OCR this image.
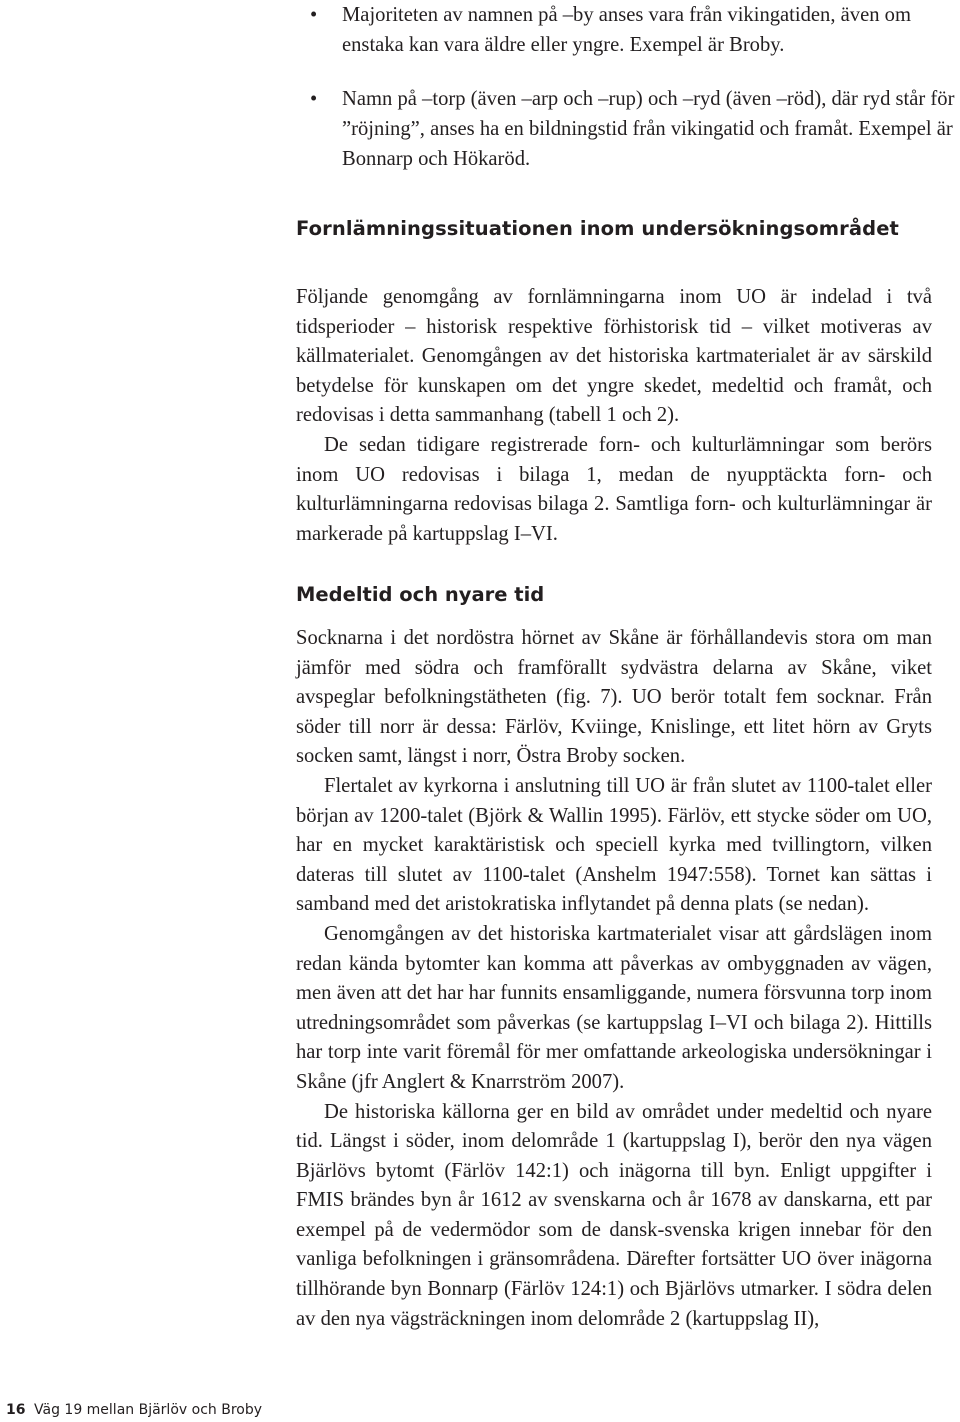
•	Majoriteten av namnen på –by anses vara från vikingatiden, även om enstaka kan vara äldre eller yngre. Exempel är Broby.
•	Namn på –torp (även –arp och –rup) och –ryd (även –röd), där ryd står för ”röjning”, anses ha en bildningstid från vikingatid och framåt. Exempel är Bonnarp och Hökaröd.
Fornlämningssituationen inom undersökningsområdet

Följande genomgång av fornlämningarna inom UO är indelad i två tidsperioder – historisk respektive förhistorisk tid – vilket motiveras av källmaterialet. Genomgången av det historiska kartmaterialet är av särskild betydelse för kunskapen om det yngre skedet, medeltid och framåt, och redovisas i detta sammanhang (tabell 1 och 2).

De sedan tidigare registrerade forn- och kulturlämningar som berörs inom UO redovisas i bilaga 1, medan de nyupptäckta forn- och kulturlämningarna redovisas bilaga 2. Samtliga forn- och kulturlämningar är markerade på kartuppslag I–VI.

Medeltid och nyare tid

Socknarna i det nordöstra hörnet av Skåne är förhållandevis stora om man jämför med södra och framförallt sydvästra delarna av Skåne, viket avspeglar befolkningstätheten (fig. 7). UO berör totalt fem socknar. Från söder till norr är dessa: Färlöv, Kviinge, Knislinge, ett litet hörn av Gryts socken samt, längst i norr, Östra Broby socken.

Flertalet av kyrkorna i anslutning till UO är från slutet av 1100-talet eller början av 1200-talet (Björk & Wallin 1995). Färlöv, ett stycke söder om UO, har en mycket karaktäristisk och speciell kyrka med tvillingtorn, vilken dateras till slutet av 1100-talet (Anshelm 1947:558). Tornet kan sättas i samband med det aristokratiska inflytandet på denna plats (se nedan).

Genomgången av det historiska kartmaterialet visar att gårdslägen inom redan kända bytomter kan komma att påverkas av ombyggnaden av vägen, men även att det har har funnits ensamliggande, numera försvunna torp inom utredningsområdet som påverkas (se kartuppslag I–VI och bilaga 2). Hittills har torp inte varit föremål för mer omfattande arkeologiska undersökningar i Skåne (jfr Anglert & Knarrström 2007).

De historiska källorna ger en bild av området under medeltid och nyare tid. Längst i söder, inom delområde 1 (kartuppslag I), berör den nya vägen Bjärlövs bytomt (Färlöv 142:1) och inägorna till byn. Enligt uppgifter i FMIS brändes byn år 1612 av svenskarna och år 1678 av danskarna, ett par exempel på de vedermödor som de dansk-svenska krigen innebar för den vanliga befolkningen i gränsområdena. Därefter fortsätter UO över inägorna tillhörande byn Bonnarp (Färlöv 124:1) och Bjärlövs utmarker. I södra delen av den nya vägsträckningen inom delområde 2 (kartuppslag II),

16 Väg 19 mellan Bjärlöv och Broby
